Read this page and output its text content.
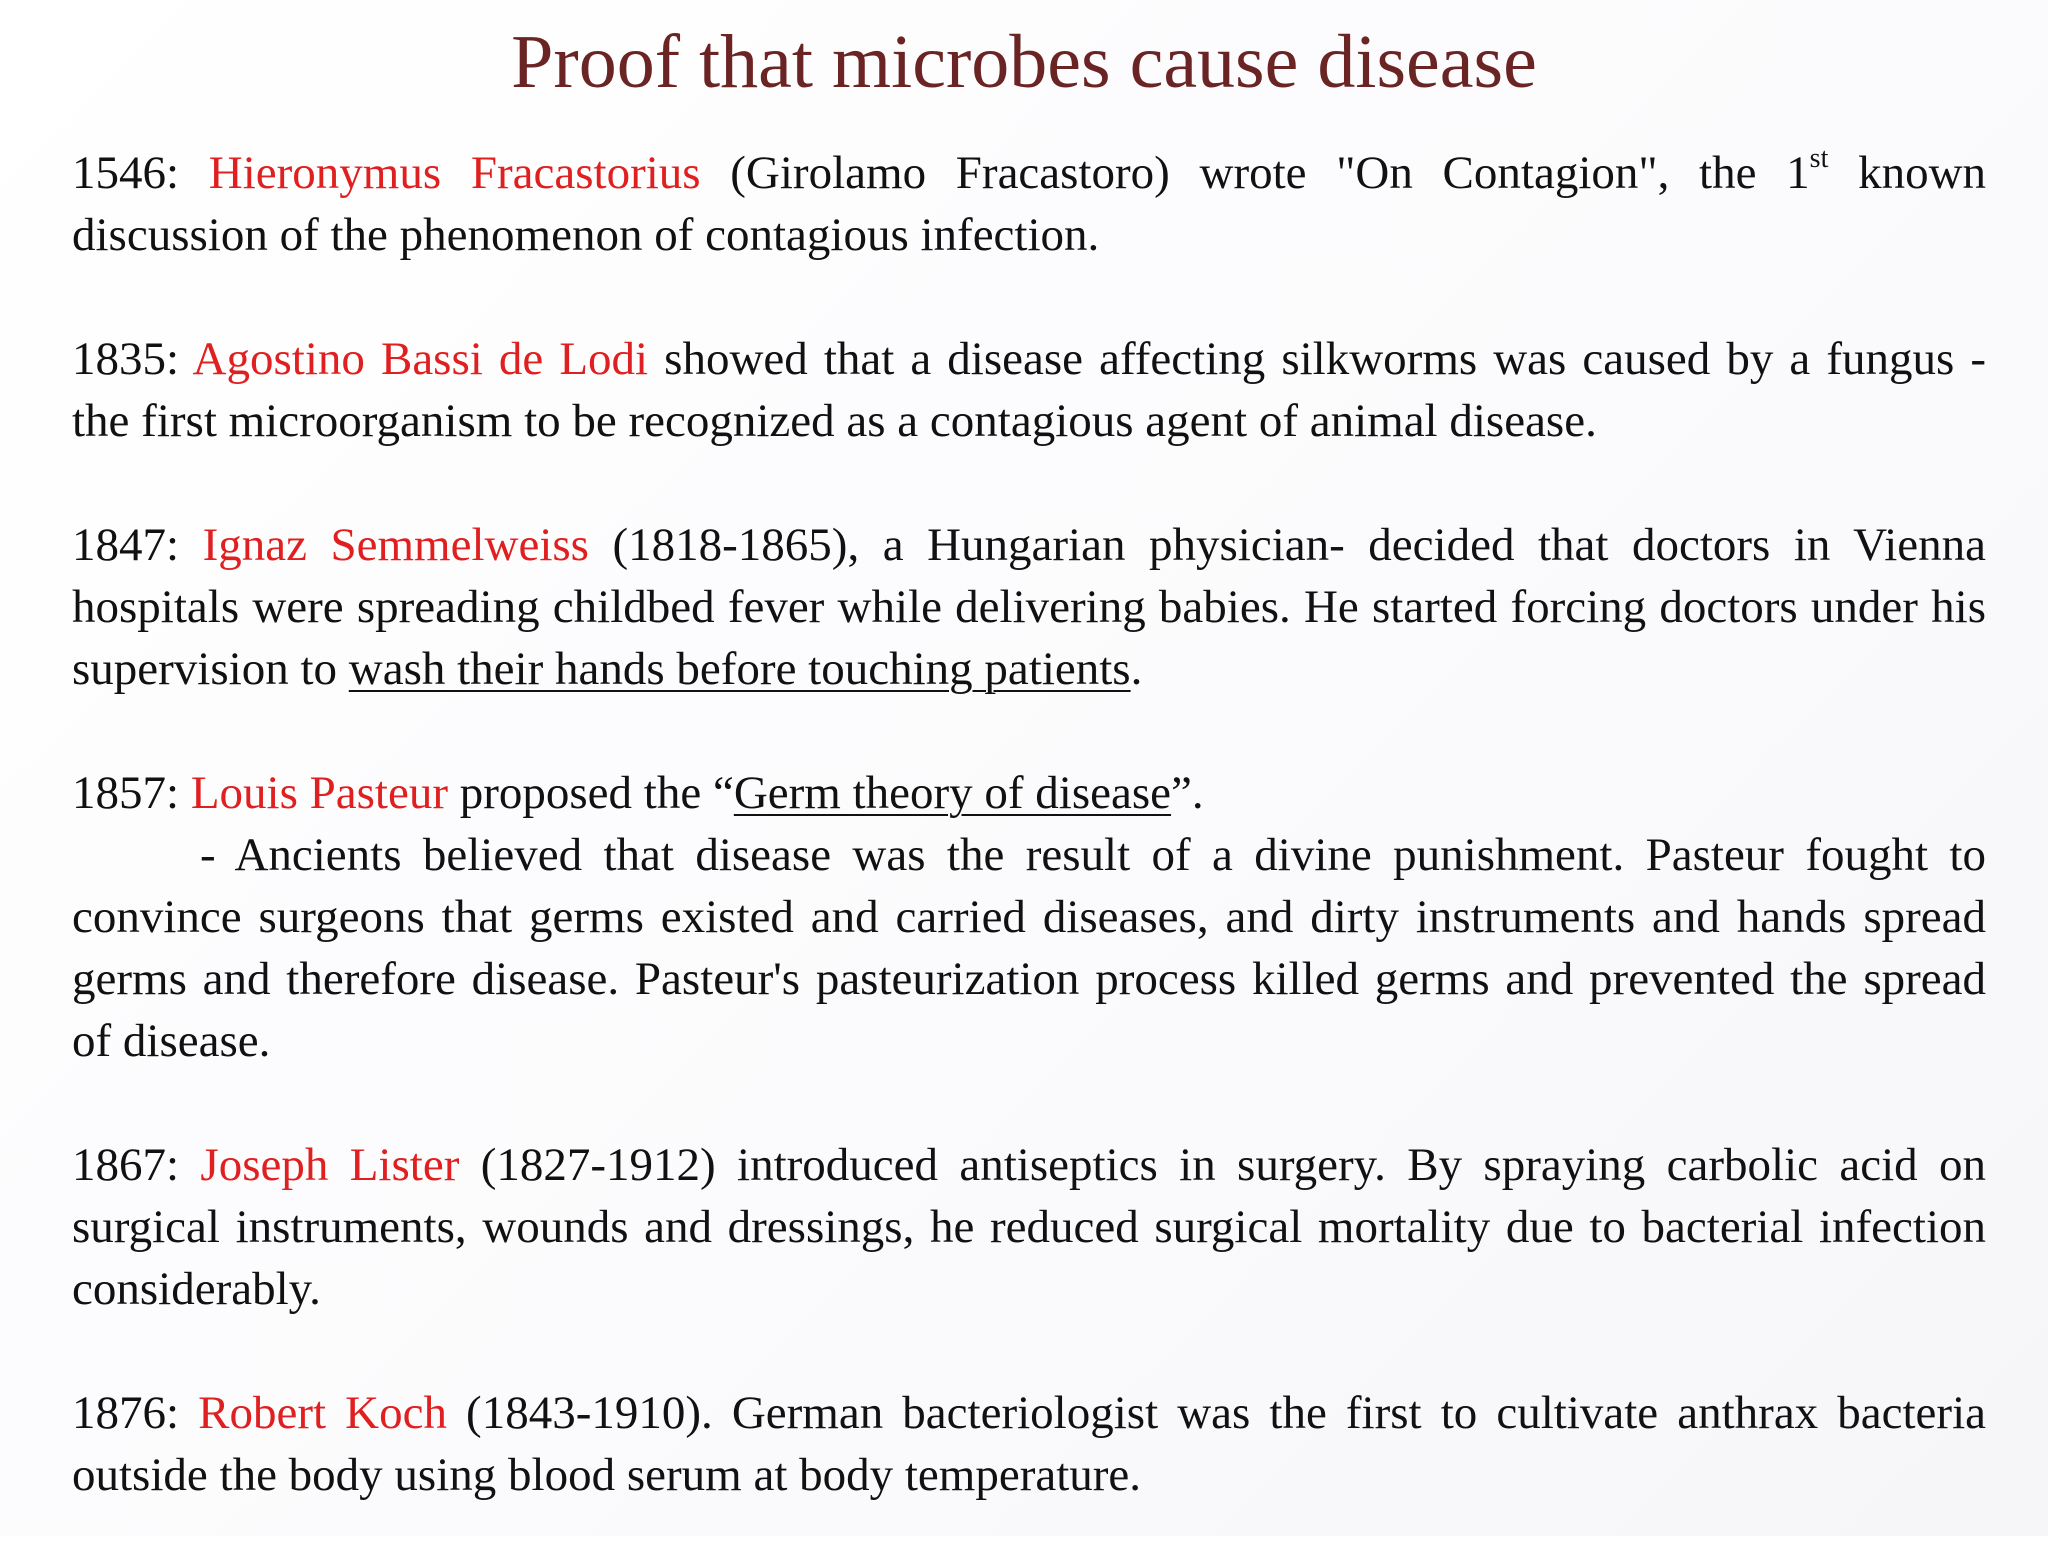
Proof that microbes cause disease

1546: Hieronymus Fracastorius (Girolamo Fracastoro) wrote "On Contagion", the 1st known discussion of the phenomenon of contagious infection.

1835: Agostino Bassi de Lodi showed that a disease affecting silkworms was caused by a fungus - the first microorganism to be recognized as a contagious agent of animal disease.

1847: Ignaz Semmelweiss (1818-1865), a Hungarian physician- decided that doctors in Vienna hospitals were spreading childbed fever while delivering babies. He started forcing doctors under his supervision to wash their hands before touching patients.

1857: Louis Pasteur proposed the “Germ theory of disease”.

- Ancients believed that disease was the result of a divine punishment. Pasteur fought to convince surgeons that germs existed and carried diseases, and dirty instruments and hands spread germs and therefore disease. Pasteur's pasteurization process killed germs and prevented the spread of disease.

1867: Joseph Lister (1827-1912) introduced antiseptics in surgery. By spraying carbolic acid on surgical instruments, wounds and dressings, he reduced surgical mortality due to bacterial infection considerably.

1876: Robert Koch (1843-1910). German bacteriologist was the first to cultivate anthrax bacteria outside the body using blood serum at body temperature.
